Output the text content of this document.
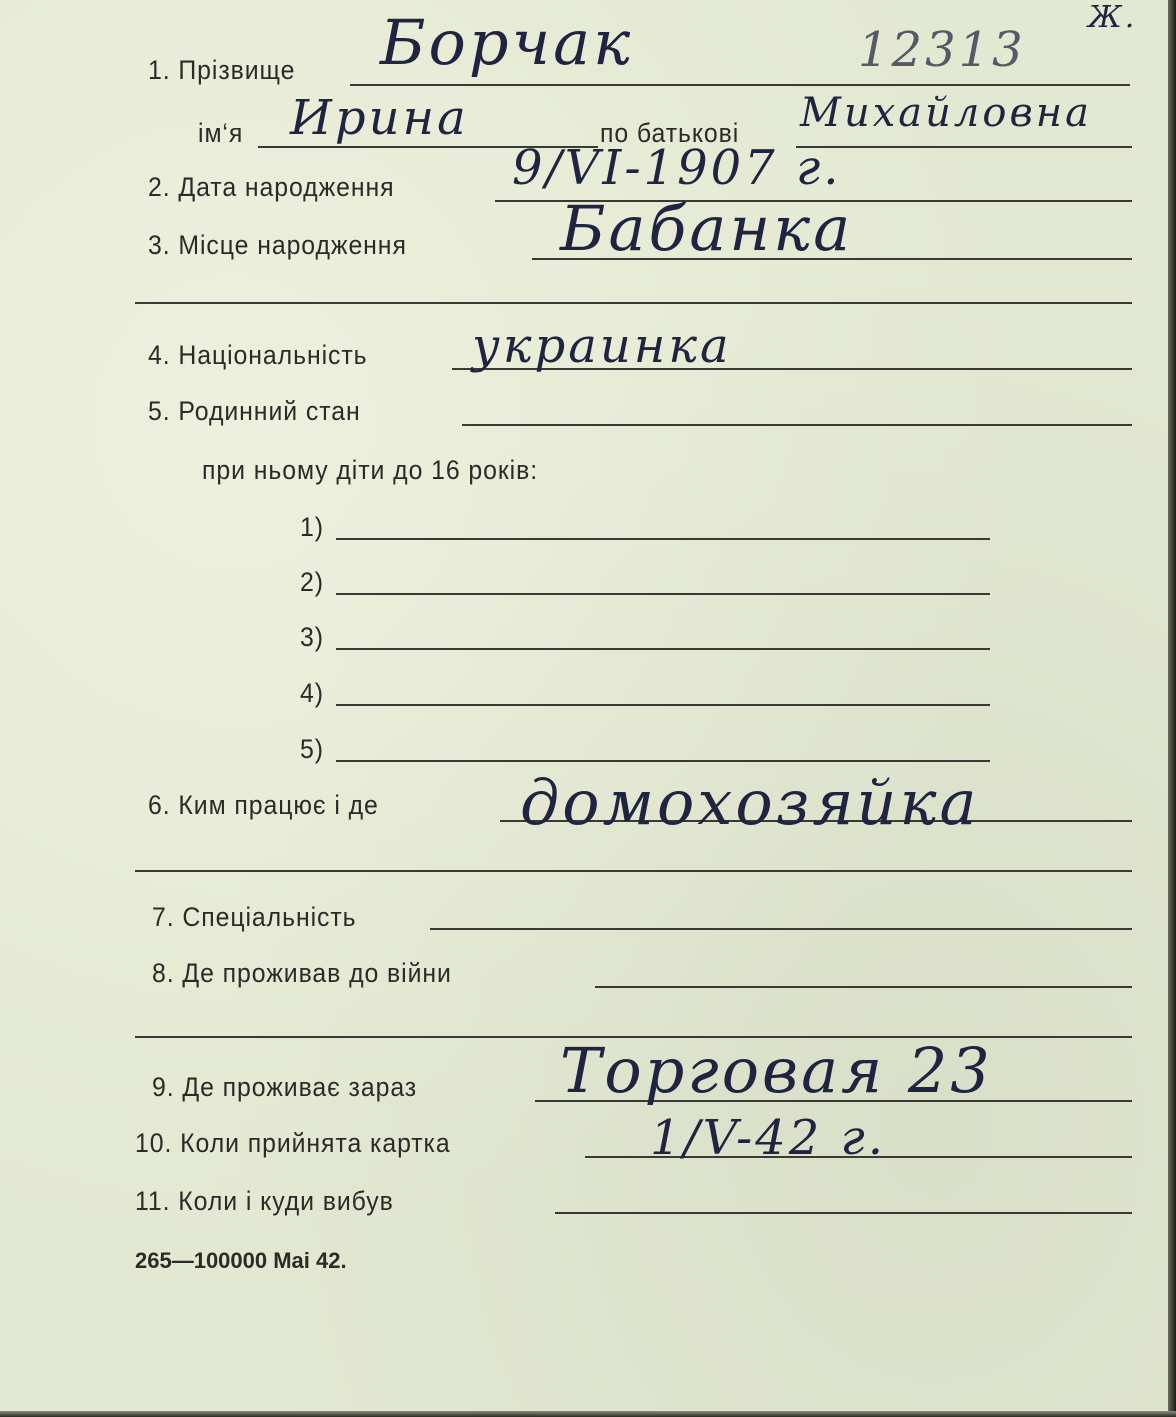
Ж.
12313
1. Прізвище Борчак
ім‘я Ирина	по батькові Михайловна
2. Дата народження 9/VI-1907 г.
3. Місце народження Бабанка
4. Національність украинка
5. Родинний стан
при ньому діти до 16 років:
1)
2)
3)
4)
5)
6. Ким працює і де домохозяйка
7. Спеціальність
8. Де проживав до війни
9. Де проживає зараз Торговая 23
10. Коли прийнята картка	1/V-42 г.
11. Коли і куди вибув
265—100000 Mai 42.
